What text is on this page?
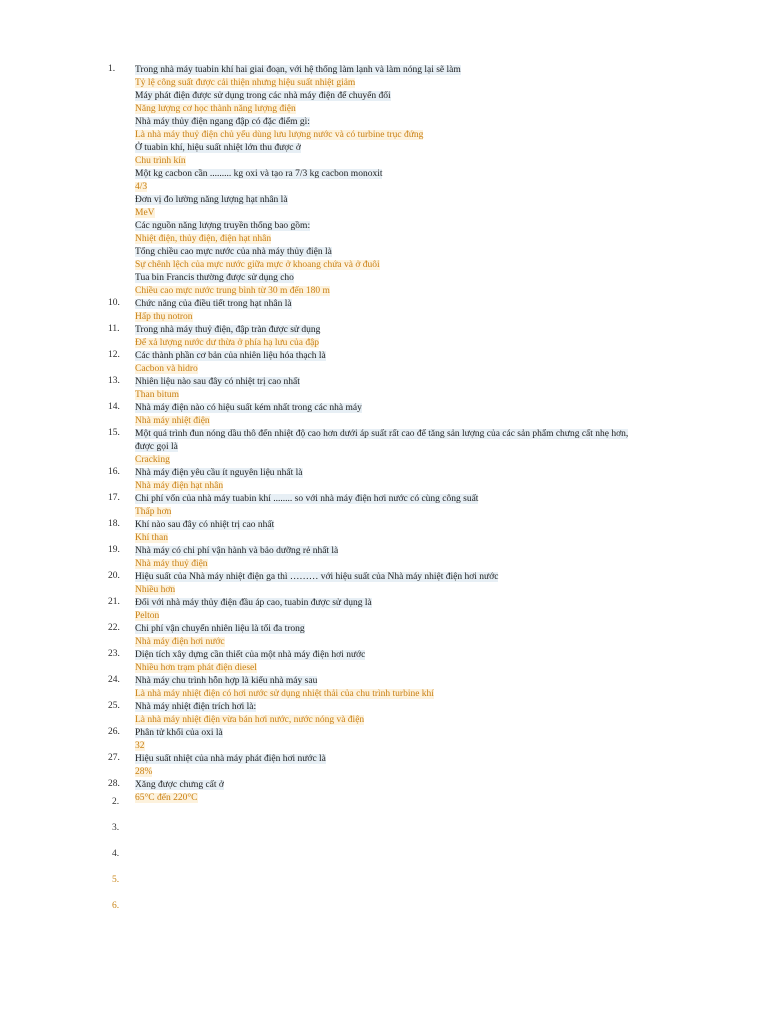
1.	Trong nhà máy tuabin khí hai giai đoạn, với hệ thống làm lạnh và làm nóng lại sẽ làm
Tỷ lệ công suất được cải thiện nhưng hiệu suất nhiệt giảm
Máy phát điện được sử dụng trong các nhà máy điện để chuyển đổi
Năng lượng cơ học thành năng lượng điện
Nhà máy thủy điện ngang đập có đặc điểm gì:
Là nhà máy thuỷ điện chủ yếu dùng lưu lượng nước và có turbine trục đứng
Ở tuabin khí, hiệu suất nhiệt lớn thu được ở
Chu trình kín
Một kg cacbon cần ......... kg oxi và tạo ra 7/3 kg cacbon monoxit
4/3
Đơn vị đo lường năng lượng hạt nhân là
MeV
Các nguồn năng lượng truyền thống bao gồm:
Nhiệt điện, thủy điện, điện hạt nhân
Tổng chiều cao mực nước của nhà máy thủy điện là
Sự chênh lệch của mực nước giữa mực ở khoang chứa và ở đuôi
Tua bin Francis thường được sử dụng cho
Chiều cao mực nước trung bình từ 30 m đến 180 m
10.	Chức năng của điều tiết trong hạt nhân là
Hấp thụ notron
11.	Trong nhà máy thuỷ điện, đập tràn được sử dụng
Để xả lượng nước dư thừa ở phía hạ lưu của đập
12.	Các thành phần cơ bản của nhiên liệu hóa thạch là
Cacbon và hidro
13.	Nhiên liệu nào sau đây có nhiệt trị cao nhất
Than bitum
14.	Nhà máy điện nào có hiệu suất kém nhất trong các nhà máy
Nhà máy nhiệt điện
15.	Một quá trình đun nóng dầu thô đến nhiệt độ cao hơn dưới áp suất rất cao để tăng sản lượng của các sản phẩm chưng cất nhẹ hơn,
được gọi là
Cracking
16.	Nhà máy điện yêu cầu ít nguyên liệu nhất là
Nhà máy điện hạt nhân
17.	Chi phí vốn của nhà máy tuabin khí ........ so với nhà máy điện hơi nước có cùng công suất
Thấp hơn
18.	Khí nào sau đây có nhiệt trị cao nhất
Khí than
19.	Nhà máy có chi phí vận hành và bảo dưỡng rẻ nhất là
Nhà máy thuỷ điện
20.	Hiệu suất của Nhà máy nhiệt điện ga thì ……… với hiệu suất của Nhà máy nhiệt điện hơi nước
Nhiều hơn
21.	Đối với nhà máy thủy điện đầu áp cao, tuabin được sử dụng là
Pelton
22.	Chi phí vận chuyển nhiên liệu là tối đa trong
Nhà máy điện hơi nước
23.	Diện tích xây dựng cần thiết của một nhà máy điện hơi nước
Nhiều hơn trạm phát điện diesel
24.	Nhà máy chu trình hỗn hợp là kiểu nhà máy sau
Là nhà máy nhiệt điện có hơi nước sử dụng nhiệt thải của chu trình turbine khí
25.	Nhà máy nhiệt điện trích hơi là:
Là nhà máy nhiệt điện vừa bán hơi nước, nước nóng và điện
26.	Phân tử khối của oxi là
32
27.	Hiệu suất nhiệt của nhà máy phát điện hơi nước là
28%
28.	Xăng được chưng cất ở
65°C đến 220°C
2.
3.
4.
5.
6.
